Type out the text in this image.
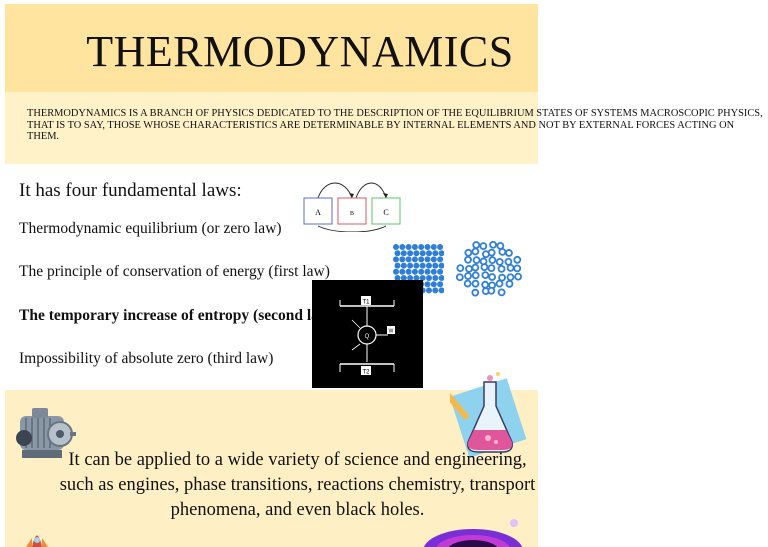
THERMODYNAMICS
THERMODYNAMICS IS A BRANCH OF PHYSICS DEDICATED TO THE DESCRIPTION OF THE EQUILIBRIUM STATES OF SYSTEMS MACROSCOPIC PHYSICS, THAT IS TO SAY, THOSE WHOSE CHARACTERISTICS ARE DETERMINABLE BY INTERNAL ELEMENTS AND NOT BY EXTERNAL FORCES ACTING ON THEM.
It has four fundamental laws:
Thermodynamic equilibrium (or zero law)
The principle of conservation of energy (first law)
The temporary increase of entropy (second law)
Impossibility of absolute zero (third law)
A	B	C
T1
Q
W
T2
It can be applied to a wide variety of science and engineering, such as engines, phase transitions, reactions chemistry, transport phenomena, and even black holes.
